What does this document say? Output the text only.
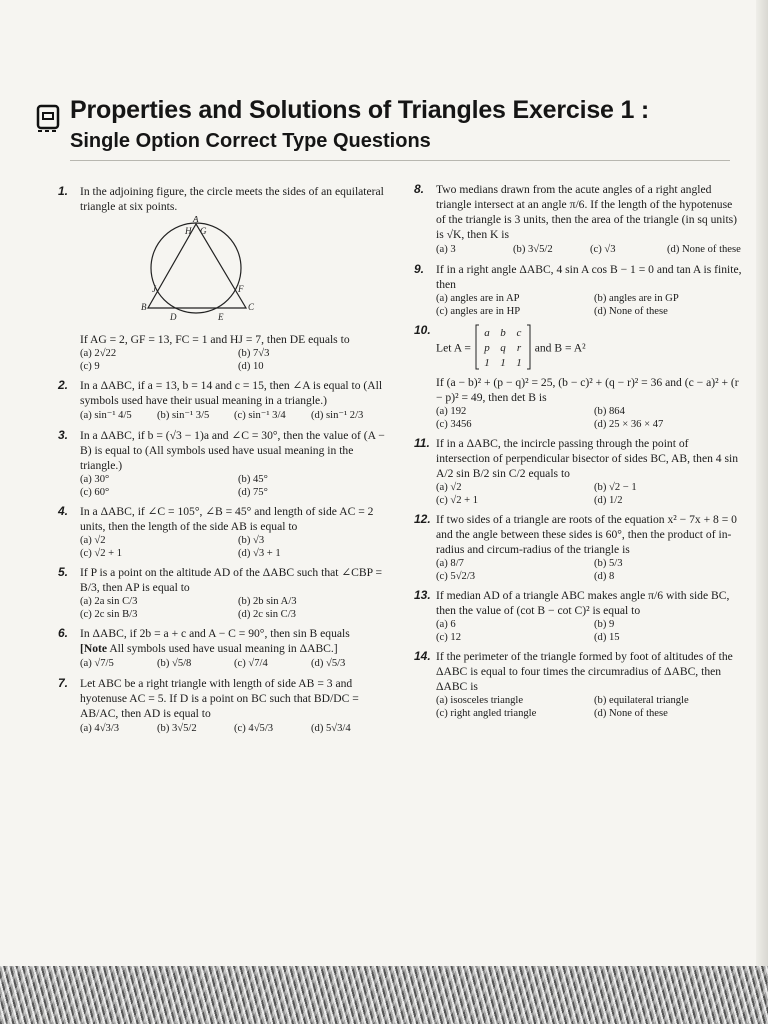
Properties and Solutions of Triangles Exercise 1 :
Single Option Correct Type Questions
1. In the adjoining figure, the circle meets the sides of an equilateral triangle at six points.
A
H G
J	F
B
D	E
C
If AG = 2, GF = 13, FC = 1 and HJ = 7, then DE equals to
(a) 2√22	(b) 7√3
(c) 9	(d) 10
2. In a ΔABC, if a = 13, b = 14 and c = 15, then ∠A is equal to (All symbols used have their usual meaning in a triangle.)
(a) sin⁻¹ 4/5	(b) sin⁻¹ 3/5	(c) sin⁻¹ 3/4	(d) sin⁻¹ 2/3
3. In a ΔABC, if b = (√3 − 1)a and ∠C = 30°, then the value of (A − B) is equal to (All symbols used have usual meaning in the triangle.)
(a) 30°	(b) 45°
(c) 60°	(d) 75°
4. In a ΔABC, if ∠C = 105°, ∠B = 45° and length of side AC = 2 units, then the length of the side AB is equal to
(a) √2	(b) √3
(c) √2 + 1	(d) √3 + 1
5. If P is a point on the altitude AD of the ΔABC such that ∠CBP = B/3, then AP is equal to
(a) 2a sin C/3	(b) 2b sin A/3
(c) 2c sin B/3	(d) 2c sin C/3
6. In ΔABC, if 2b = a + c and A − C = 90°, then sin B equals
[Note All symbols used have usual meaning in ΔABC.]
(a) √7/5	(b) √5/8	(c) √7/4	(d) √5/3
7. Let ABC be a right triangle with length of side AB = 3 and hyotenuse AC = 5. If D is a point on BC such that BD/DC = AB/AC, then AD is equal to
(a) 4√3/3	(b) 3√5/2	(c) 4√5/3	(d) 5√3/4
8. Two medians drawn from the acute angles of a right angled triangle intersect at an angle π/6. If the length of the hypotenuse of the triangle is 3 units, then the area of the triangle (in sq units) is √K, then K is
(a) 3	(b) 3√5/2	(c) √3	(d) None of these
9. If in a right angle ΔABC, 4 sin A cos B − 1 = 0 and tan A is finite, then
(a) angles are in AP	(b) angles are in GP
(c) angles are in HP	(d) None of these
10.
Let A =
a b c
p q r
1 1 1
and B = A²
If (a − b)² + (p − q)² = 25, (b − c)² + (q − r)² = 36 and (c − a)² + (r − p)² = 49, then det B is
(a) 192	(b) 864
(c) 3456	(d) 25 × 36 × 47
11. If in a ΔABC, the incircle passing through the point of intersection of perpendicular bisector of sides BC, AB, then 4 sin A/2 sin B/2 sin C/2 equals to
(a) √2	(b) √2 − 1
(c) √2 + 1	(d) 1/2
12. If two sides of a triangle are roots of the equation x² − 7x + 8 = 0 and the angle between these sides is 60°, then the product of in-radius and circum-radius of the triangle is
(a) 8/7	(b) 5/3
(c) 5√2/3	(d) 8
13. If median AD of a triangle ABC makes angle π/6 with side BC, then the value of (cot B − cot C)² is equal to
(a) 6	(b) 9
(c) 12	(d) 15
14. If the perimeter of the triangle formed by foot of altitudes of the ΔABC is equal to four times the circumradius of ΔABC, then ΔABC is
(a) isosceles triangle	(b) equilateral triangle
(c) right angled triangle	(d) None of these
